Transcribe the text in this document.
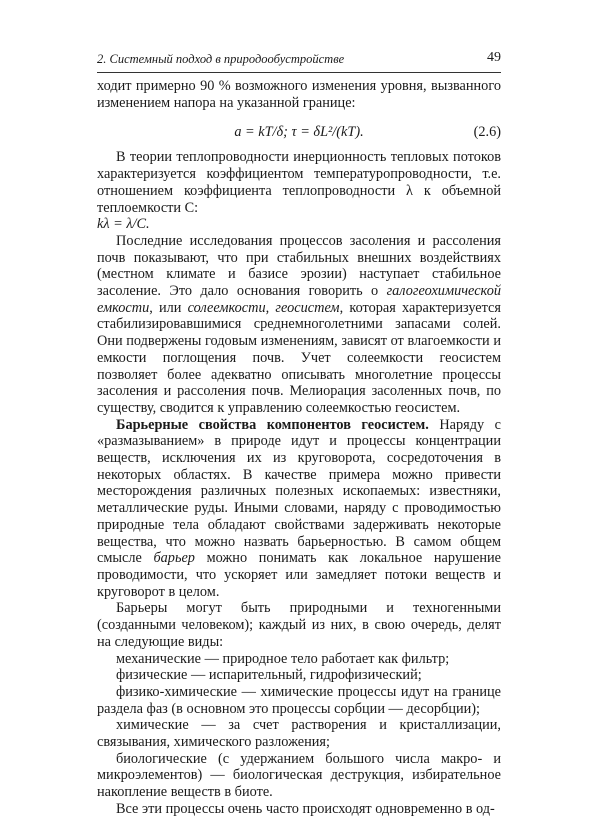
2. Системный подход в природообустройстве	49

ходит примерно 90 % возможного изменения уровня, вызванного изменением напора на указанной границе:

a = kT/δ; τ = δL²/(kT).	(2.6)

В теории теплопроводности инерционность тепловых потоков характеризуется коэффициентом температуропроводности, т.е. отношением коэффициента теплопроводности λ к объемной теплоемкости C:

kλ = λ/C.

Последние исследования процессов засоления и рассоления почв показывают, что при стабильных внешних воздействиях (местном климате и базисе эрозии) наступает стабильное засоление. Это дало основания говорить о галогеохимической емкости, или солеемкости, геосистем, которая характеризуется стабилизировавшимися среднемноголетними запасами солей. Они подвержены годовым изменениям, зависят от влагоемкости и емкости поглощения почв. Учет солеемкости геосистем позволяет более адекватно описывать многолетние процессы засоления и рассоления почв. Мелиорация засоленных почв, по существу, сводится к управлению солеемкостью геосистем.

Барьерные свойства компонентов геосистем. Наряду с «размазыванием» в природе идут и процессы концентрации веществ, исключения их из круговорота, сосредоточения в некоторых областях. В качестве примера можно привести месторождения различных полезных ископаемых: известняки, металлические руды. Иными словами, наряду с проводимостью природные тела обладают свойствами задерживать некоторые вещества, что можно назвать барьерностью. В самом общем смысле барьер можно понимать как локальное нарушение проводимости, что ускоряет или замедляет потоки веществ и круговорот в целом.

Барьеры могут быть природными и техногенными (созданными человеком); каждый из них, в свою очередь, делят на следующие виды:

механические — природное тело работает как фильтр;

физические — испарительный, гидрофизический;

физико-химические — химические процессы идут на границе раздела фаз (в основном это процессы сорбции — десорбции);

химические — за счет растворения и кристаллизации, связывания, химического разложения;

биологические (с удержанием большого числа макро- и микроэлементов) — биологическая деструкция, избирательное накопление веществ в биоте.

Все эти процессы очень часто происходят одновременно в од-
